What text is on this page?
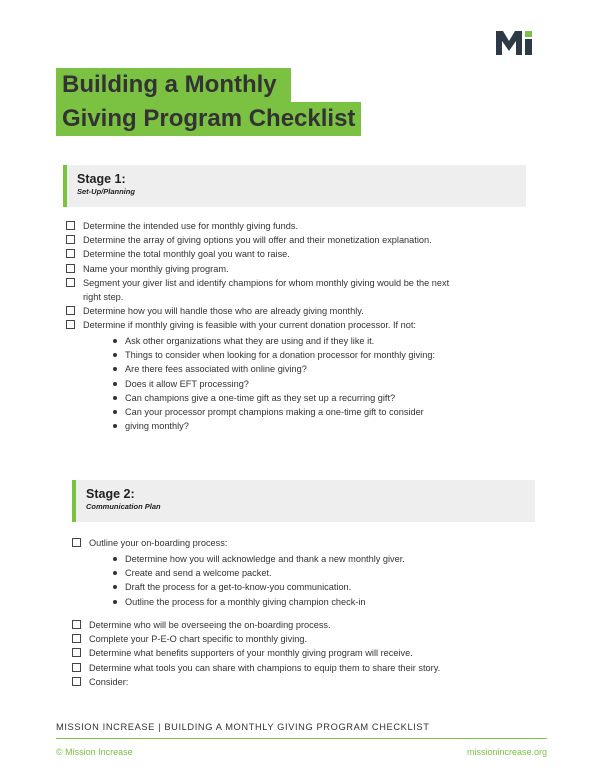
Building a Monthly
Giving Program Checklist
Stage 1:
Set-Up/Planning
Determine the intended use for monthly giving funds.
Determine the array of giving options you will offer and their monetization explanation.
Determine the total monthly goal you want to raise.
Name your monthly giving program.
Segment your giver list and identify champions for whom monthly giving would be the next right step.
Determine how you will handle those who are already giving monthly.
Determine if monthly giving is feasible with your current donation processor. If not:
Ask other organizations what they are using and if they like it.
Things to consider when looking for a donation processor for monthly giving:
Are there fees associated with online giving?
Does it allow EFT processing?
Can champions give a one-time gift as they set up a recurring gift?
Can your processor prompt champions making a one-time gift to consider
giving monthly?
Stage 2:
Communication Plan
Outline your on-boarding process:
Determine how you will acknowledge and thank a new monthly giver.
Create and send a welcome packet.
Draft the process for a get-to-know-you communication.
Outline the process for a monthly giving champion check-in
Determine who will be overseeing the on-boarding process.
Complete your P-E-O chart specific to monthly giving.
Determine what benefits supporters of your monthly giving program will receive.
Determine what tools you can share with champions to equip them to share their story.
Consider:
MISSION INCREASE | BUILDING A MONTHLY GIVING PROGRAM CHECKLIST
© Mission Increase	missionincrease.org
